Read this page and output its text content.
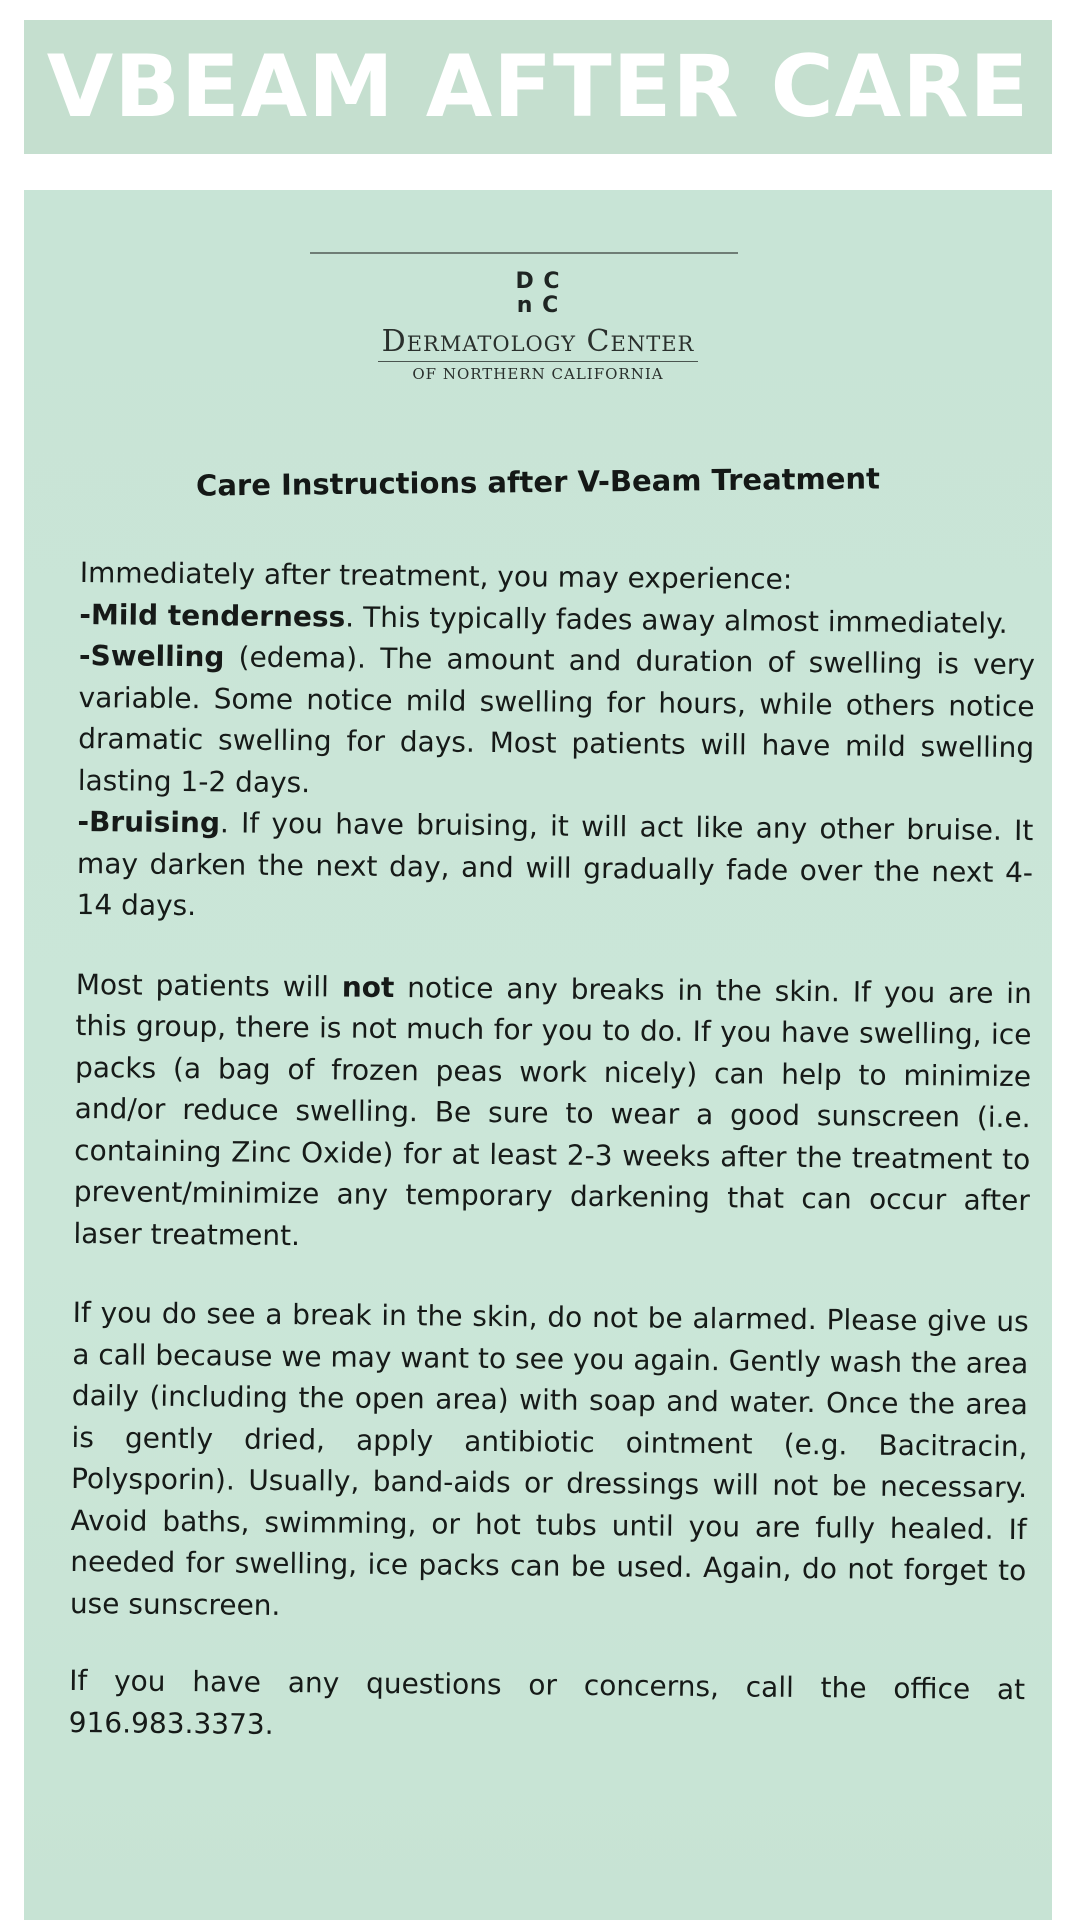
VBEAM AFTER CARE
D C
n C
Dermatology Center
OF NORTHERN CALIFORNIA
Care Instructions after V-Beam Treatment

Immediately after treatment, you may experience:

-Mild tenderness. This typically fades away almost immediately.

-Swelling (edema). The amount and duration of swelling is very variable. Some notice mild swelling for hours, while others notice dramatic swelling for days. Most patients will have mild swelling lasting 1-2 days.

-Bruising. If you have bruising, it will act like any other bruise. It may darken the next day, and will gradually fade over the next 4-14 days.

Most patients will not notice any breaks in the skin. If you are in this group, there is not much for you to do. If you have swelling, ice packs (a bag of frozen peas work nicely) can help to minimize and/or reduce swelling. Be sure to wear a good sunscreen (i.e. containing Zinc Oxide) for at least 2-3 weeks after the treatment to prevent/minimize any temporary darkening that can occur after laser treatment.

If you do see a break in the skin, do not be alarmed. Please give us a call because we may want to see you again. Gently wash the area daily (including the open area) with soap and water. Once the area is gently dried, apply antibiotic ointment (e.g. Bacitracin, Polysporin). Usually, band-aids or dressings will not be necessary. Avoid baths, swimming, or hot tubs until you are fully healed. If needed for swelling, ice packs can be used. Again, do not forget to use sunscreen.

If you have any questions or concerns, call the office at 916.983.3373.
